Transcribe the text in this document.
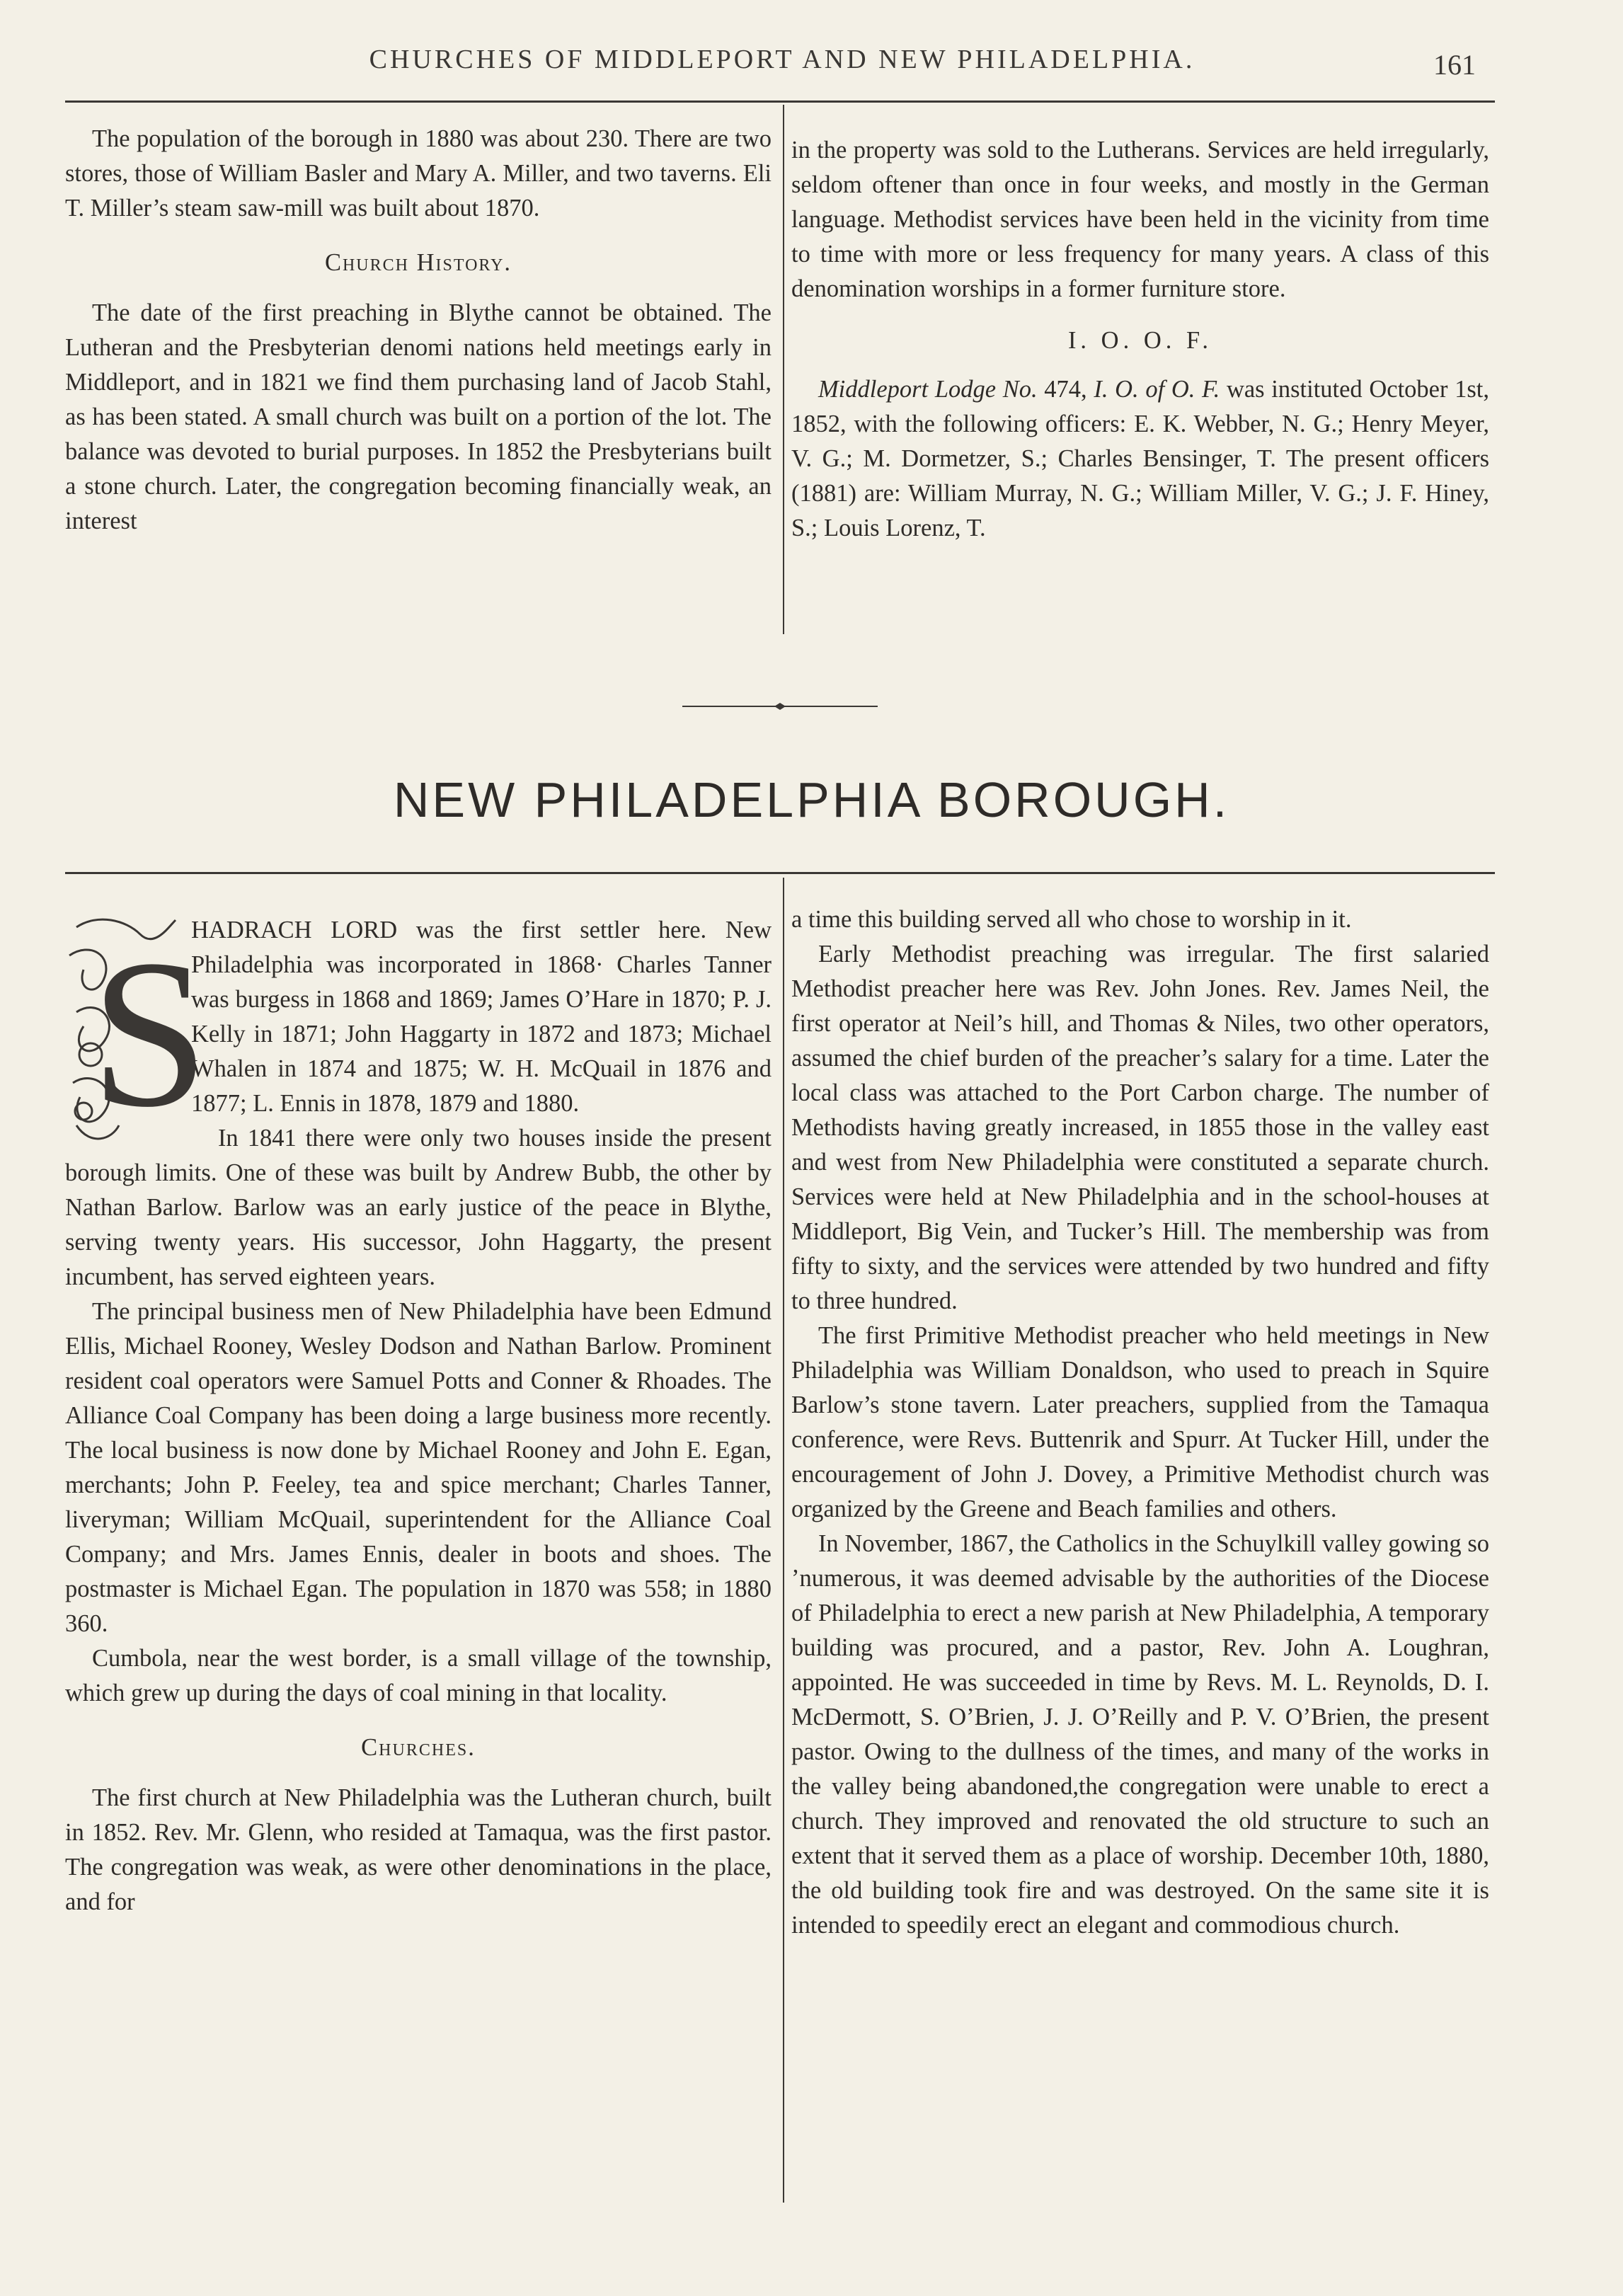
CHURCHES OF MIDDLEPORT AND NEW PHILADELPHIA.	161

The population of the borough in 1880 was about 230. There are two stores, those of William Basler and Mary A. Miller, and two taverns. Eli T. Miller’s steam saw-mill was built about 1870.

Church History.

The date of the first preaching in Blythe cannot be obtained. The Lutheran and the Presbyterian denomi nations held meetings early in Middleport, and in 1821 we find them purchasing land of Jacob Stahl, as has been stated. A small church was built on a portion of the lot. The balance was devoted to burial purposes. In 1852 the Presbyterians built a stone church. Later, the congregation becoming financially weak, an interest

in the property was sold to the Lutherans. Services are held irregularly, seldom oftener than once in four weeks, and mostly in the German language. Methodist services have been held in the vicinity from time to time with more or less frequency for many years. A class of this denomination worships in a former furniture store.

I. O. O. F.

Middleport Lodge No. 474, I. O. of O. F. was instituted October 1st, 1852, with the following officers: E. K. Webber, N. G.; Henry Meyer, V. G.; M. Dormetzer, S.; Charles Bensinger, T. The present officers (1881) are: William Murray, N. G.; William Miller, V. G.; J. F. Hiney, S.; Louis Lorenz, T.

NEW PHILADELPHIA BOROUGH.
S

HADRACH LORD was the first settler here. New Philadelphia was incorporated in 1868· Charles Tanner was burgess in 1868 and 1869; James O’Hare in 1870; P. J. Kelly in 1871; John Haggarty in 1872 and 1873; Michael Whalen in 1874 and 1875; W. H. McQuail in 1876 and 1877; L. Ennis in 1878, 1879 and 1880.

In 1841 there were only two houses inside the present borough limits. One of these was built by Andrew Bubb, the other by Nathan Barlow. Barlow was an early justice of the peace in Blythe, serving twenty years. His successor, John Haggarty, the present incumbent, has served eighteen years.

The principal business men of New Philadelphia have been Edmund Ellis, Michael Rooney, Wesley Dodson and Nathan Barlow. Prominent resident coal operators were Samuel Potts and Conner & Rhoades. The Alliance Coal Company has been doing a large business more recently. The local business is now done by Michael Rooney and John E. Egan, merchants; John P. Feeley, tea and spice merchant; Charles Tanner, liveryman; William McQuail, superintendent for the Alliance Coal Company; and Mrs. James Ennis, dealer in boots and shoes. The postmaster is Michael Egan. The population in 1870 was 558; in 1880 360.

Cumbola, near the west border, is a small village of the township, which grew up during the days of coal mining in that locality.

Churches.

The first church at New Philadelphia was the Lutheran church, built in 1852. Rev. Mr. Glenn, who resided at Tamaqua, was the first pastor. The congregation was weak, as were other denominations in the place, and for

a time this building served all who chose to worship in it.

Early Methodist preaching was irregular. The first salaried Methodist preacher here was Rev. John Jones. Rev. James Neil, the first operator at Neil’s hill, and Thomas & Niles, two other operators, assumed the chief burden of the preacher’s salary for a time. Later the local class was attached to the Port Carbon charge. The number of Methodists having greatly increased, in 1855 those in the valley east and west from New Philadelphia were constituted a separate church. Services were held at New Philadelphia and in the school-houses at Middleport, Big Vein, and Tucker’s Hill. The membership was from fifty to sixty, and the services were attended by two hundred and fifty to three hundred.

The first Primitive Methodist preacher who held meetings in New Philadelphia was William Donaldson, who used to preach in Squire Barlow’s stone tavern. Later preachers, supplied from the Tamaqua conference, were Revs. Buttenrik and Spurr. At Tucker Hill, under the encouragement of John J. Dovey, a Primitive Methodist church was organized by the Greene and Beach families and others.

In November, 1867, the Catholics in the Schuylkill valley gowing so ’numerous, it was deemed advisable by the authorities of the Diocese of Philadelphia to erect a new parish at New Philadelphia, A temporary building was procured, and a pastor, Rev. John A. Loughran, appointed. He was succeeded in time by Revs. M. L. Reynolds, D. I. McDermott, S. O’Brien, J. J. O’Reilly and P. V. O’Brien, the present pastor. Owing to the dullness of the times, and many of the works in the valley being abandoned,the congregation were unable to erect a church. They improved and renovated the old structure to such an extent that it served them as a place of worship. December 10th, 1880, the old building took fire and was destroyed. On the same site it is intended to speedily erect an elegant and commodious church.
